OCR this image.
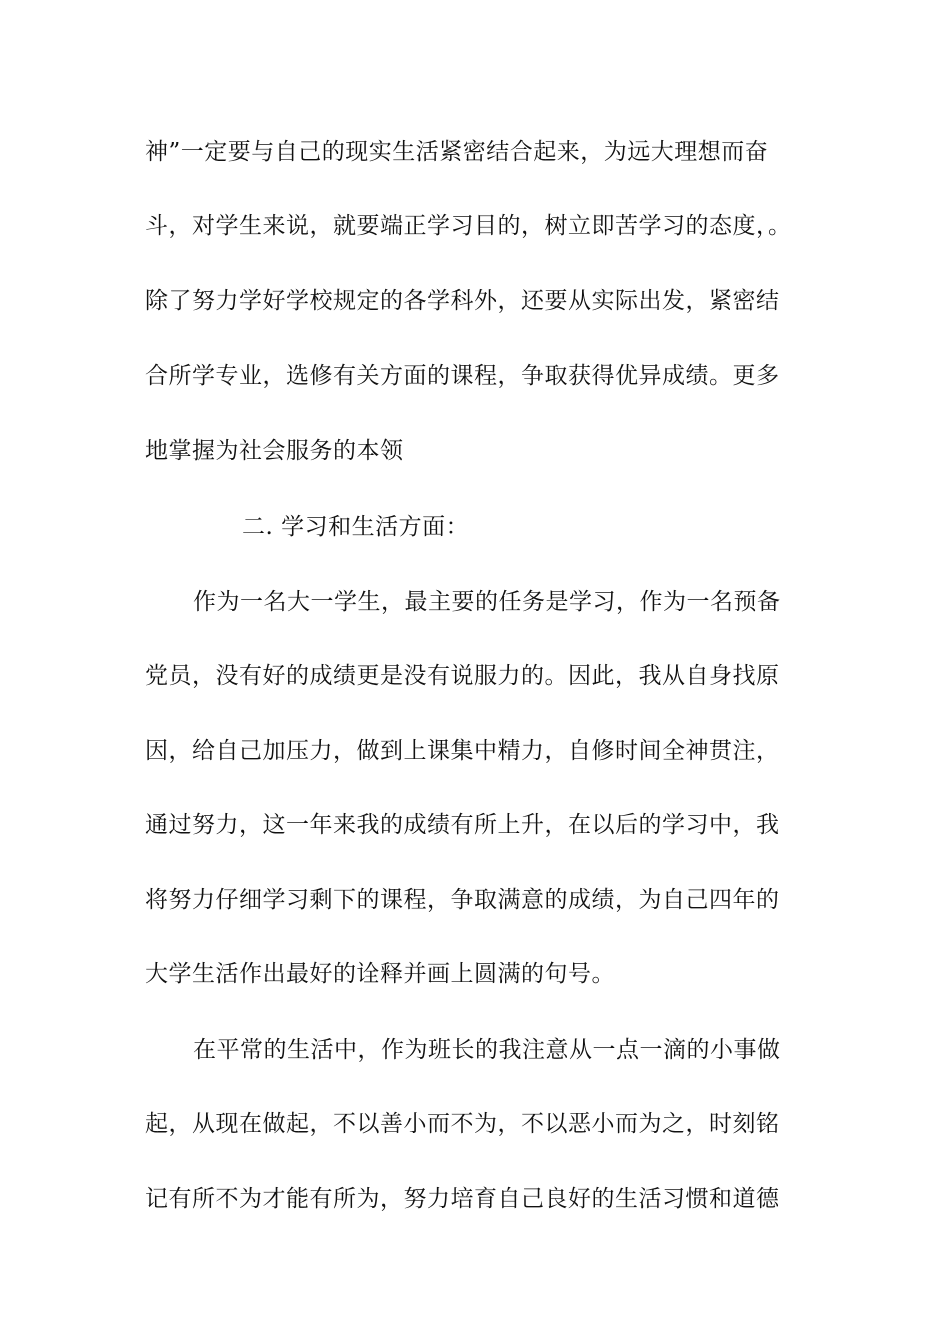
神”一定要与自己的现实生活紧密结合起来，为远大理想而奋
斗，对学生来说，就要端正学习目的，树立即苦学习的态度，。
除了努力学好学校规定的各学科外，还要从实际出发，紧密结
合所学专业，选修有关方面的课程，争取获得优异成绩。更多
地掌握为社会服务的本领
二. 学习和生活方面：
作为一名大一学生，最主要的任务是学习，作为一名预备
党员，没有好的成绩更是没有说服力的。因此，我从自身找原
因，给自己加压力，做到上课集中精力，自修时间全神贯注，
通过努力，这一年来我的成绩有所上升，在以后的学习中，我
将努力仔细学习剩下的课程，争取满意的成绩，为自己四年的
大学生活作出最好的诠释并画上圆满的句号。
在平常的生活中，作为班长的我注意从一点一滴的小事做
起，从现在做起，不以善小而不为，不以恶小而为之，时刻铭
记有所不为才能有所为，努力培育自己良好的生活习惯和道德
